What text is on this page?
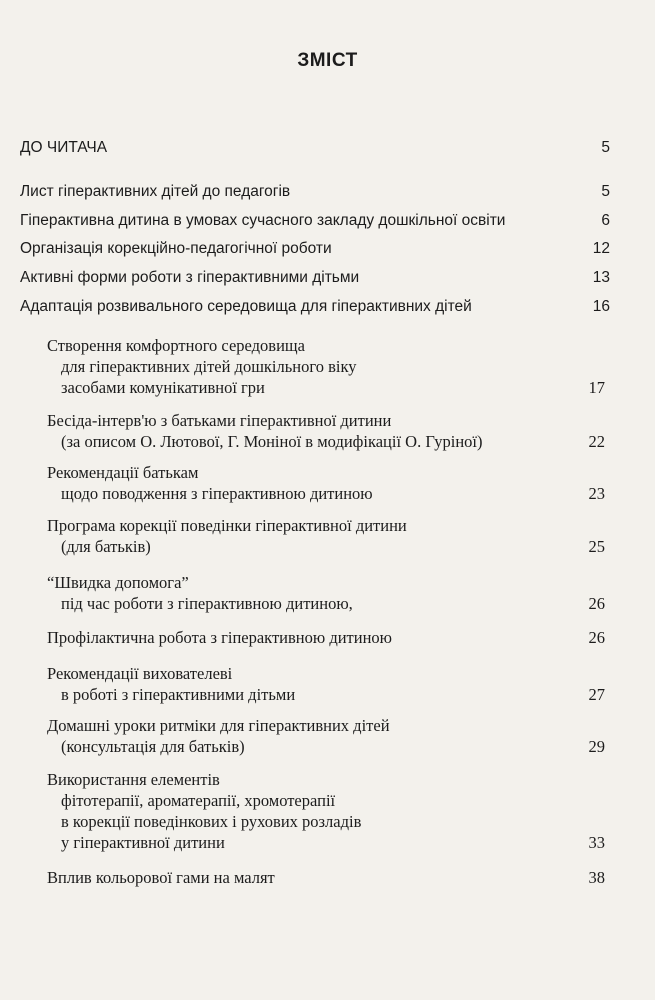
ЗМІСТ
ДО ЧИТАЧА	5
Лист гіперактивних дітей до педагогів	5
Гіперактивна дитина в умовах сучасного закладу дошкільної освіти	6
Організація корекційно-педагогічної роботи	12
Активні форми роботи з гіперактивними дітьми	13
Адаптація розвивального середовища для гіперактивних дітей	16
Створення комфортного середовища
для гіперактивних дітей дошкільного віку
засобами комунікативної гри	17
Бесіда-інтерв'ю з батьками гіперактивної дитини
(за описом О. Лютової, Г. Моніної в модифікації О. Гуріної)	22
Рекомендації батькам
щодо поводження з гіперактивною дитиною	23
Програма корекції поведінки гіперактивної дитини
(для батьків)	25
“Швидка допомога”
під час роботи з гіперактивною дитиною,	26
Профілактична робота з гіперактивною дитиною	26
Рекомендації вихователеві
в роботі з гіперактивними дітьми	27
Домашні уроки ритміки для гіперактивних дітей
(консультація для батьків)	29
Використання елементів
фітотерапії, ароматерапії, хромотерапії
в корекції поведінкових і рухових розладів
у гіперактивної дитини	33
Вплив кольорової гами на малят	38
